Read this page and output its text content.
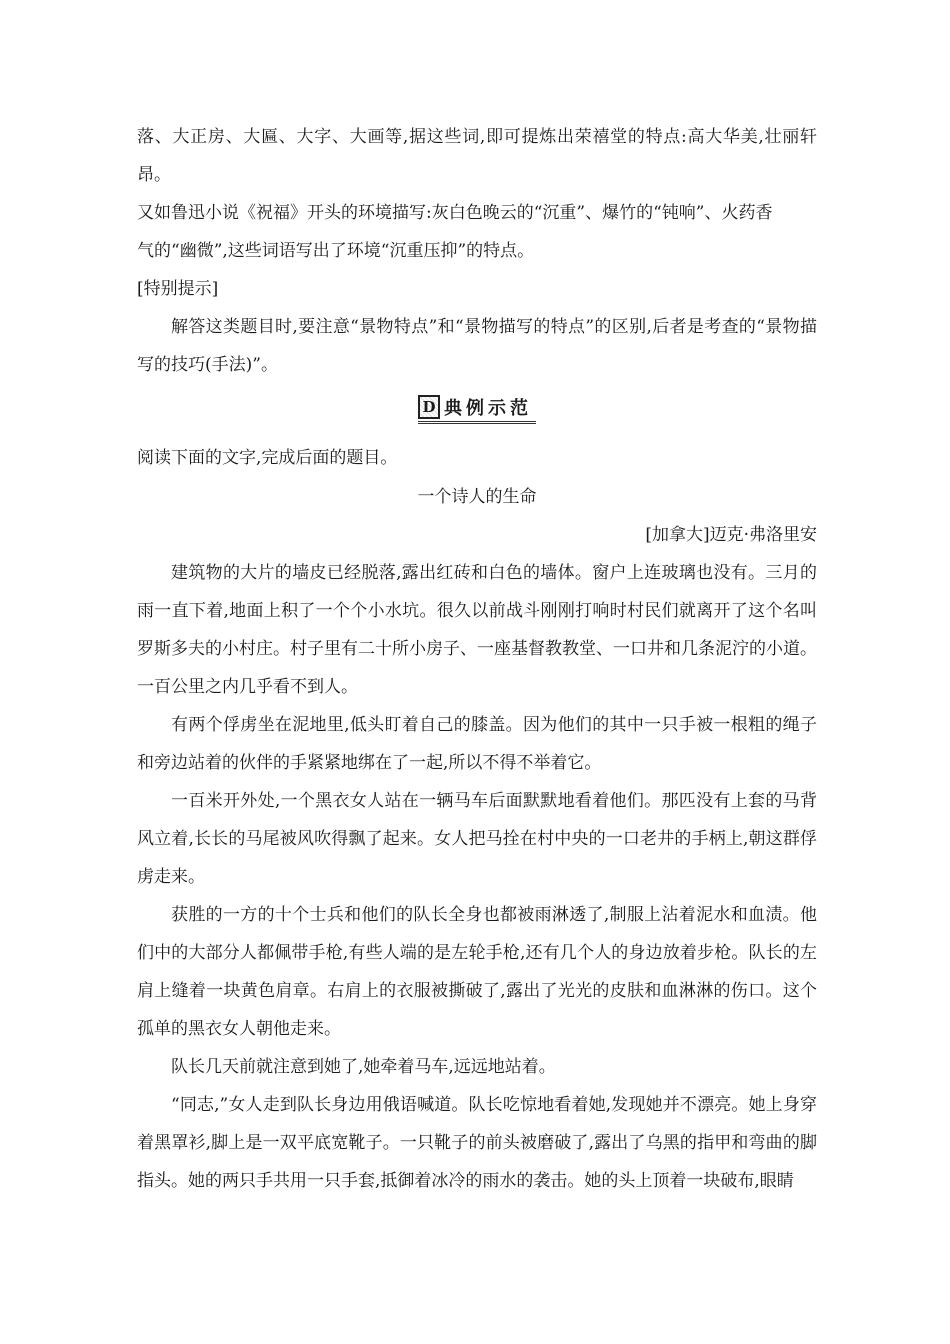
落、大正房、大匾、大字、大画等,据这些词,即可提炼出荣禧堂的特点:高大华美,壮丽轩昂。

又如鲁迅小说《祝福》开头的环境描写:灰白色晚云的“沉重”、爆竹的“钝响”、火药香

气的“幽微”,这些词语写出了环境“沉重压抑”的特点。

[特别提示]

解答这类题目时,要注意“景物特点”和“景物描写的特点”的区别,后者是考查的“景物描写的技巧(手法)”。

D 典例示范

阅读下面的文字,完成后面的题目。

一个诗人的生命

[加拿大]迈克·弗洛里安

建筑物的大片的墙皮已经脱落,露出红砖和白色的墙体。窗户上连玻璃也没有。三月的雨一直下着,地面上积了一个个小水坑。很久以前战斗刚刚打响时村民们就离开了这个名叫罗斯多夫的小村庄。村子里有二十所小房子、一座基督教教堂、一口井和几条泥泞的小道。一百公里之内几乎看不到人。

有两个俘虏坐在泥地里,低头盯着自己的膝盖。因为他们的其中一只手被一根粗的绳子和旁边站着的伙伴的手紧紧地绑在了一起,所以不得不举着它。

一百米开外处,一个黑衣女人站在一辆马车后面默默地看着他们。那匹没有上套的马背风立着,长长的马尾被风吹得飘了起来。女人把马拴在村中央的一口老井的手柄上,朝这群俘虏走来。

获胜的一方的十个士兵和他们的队长全身也都被雨淋透了,制服上沾着泥水和血渍。他们中的大部分人都佩带手枪,有些人端的是左轮手枪,还有几个人的身边放着步枪。队长的左肩上缝着一块黄色肩章。右肩上的衣服被撕破了,露出了光光的皮肤和血淋淋的伤口。这个孤单的黑衣女人朝他走来。

队长几天前就注意到她了,她牵着马车,远远地站着。

“同志,”女人走到队长身边用俄语喊道。队长吃惊地看着她,发现她并不漂亮。她上身穿着黑罩衫,脚上是一双平底宽靴子。一只靴子的前头被磨破了,露出了乌黑的指甲和弯曲的脚指头。她的两只手共用一只手套,抵御着冰冷的雨水的袭击。她的头上顶着一块破布,眼睛
